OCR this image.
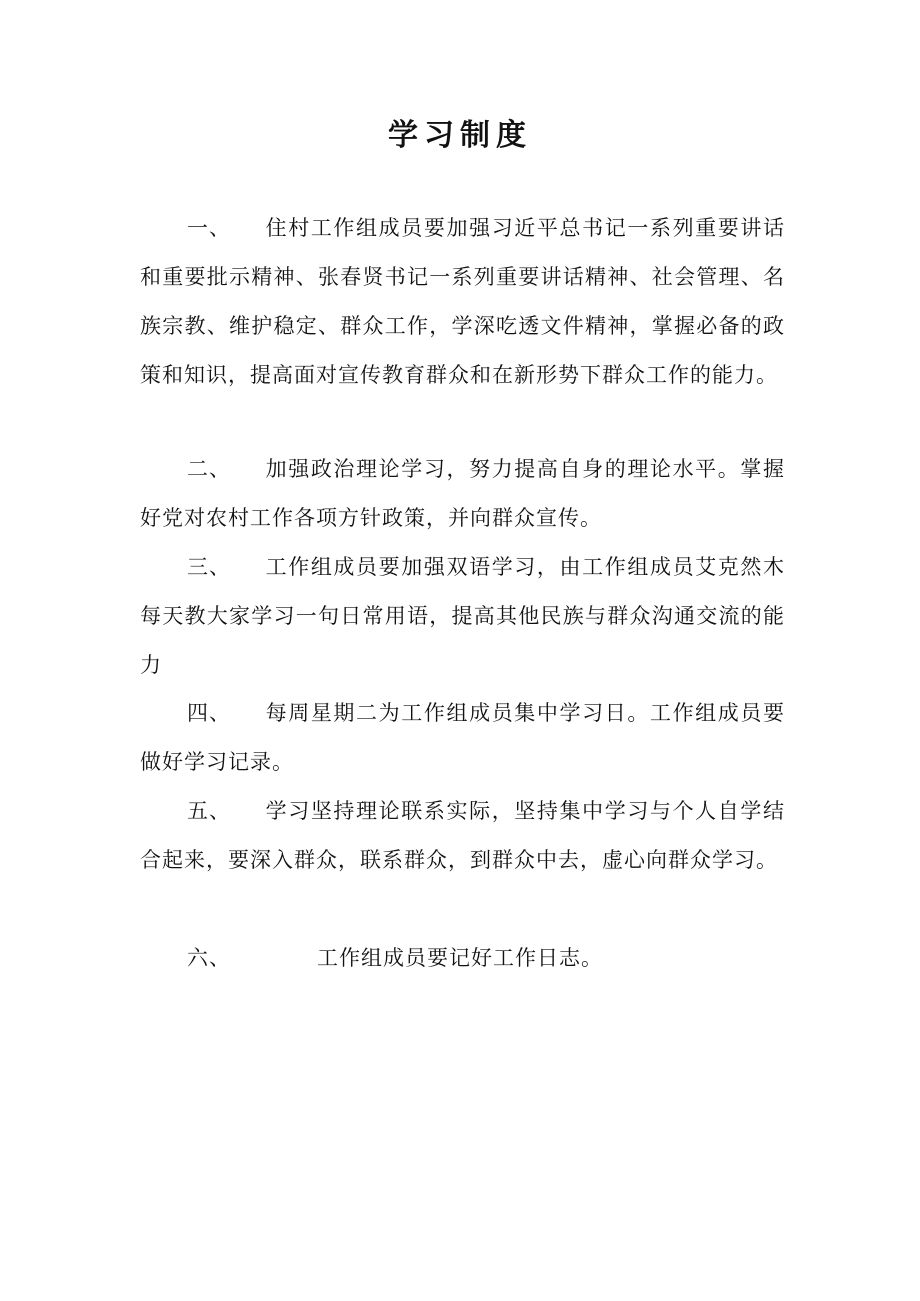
学习制度

一、 住村工作组成员要加强习近平总书记一系列重要讲话和重要批示精神、张春贤书记一系列重要讲话精神、社会管理、名族宗教、维护稳定、群众工作，学深吃透文件精神，掌握必备的政策和知识，提高面对宣传教育群众和在新形势下群众工作的能力。

二、 加强政治理论学习，努力提高自身的理论水平。掌握好党对农村工作各项方针政策，并向群众宣传。

三、 工作组成员要加强双语学习，由工作组成员艾克然木每天教大家学习一句日常用语，提高其他民族与群众沟通交流的能力

四、 每周星期二为工作组成员集中学习日。工作组成员要做好学习记录。

五、 学习坚持理论联系实际，坚持集中学习与个人自学结合起来，要深入群众，联系群众，到群众中去，虚心向群众学习。

六、	工作组成员要记好工作日志。
